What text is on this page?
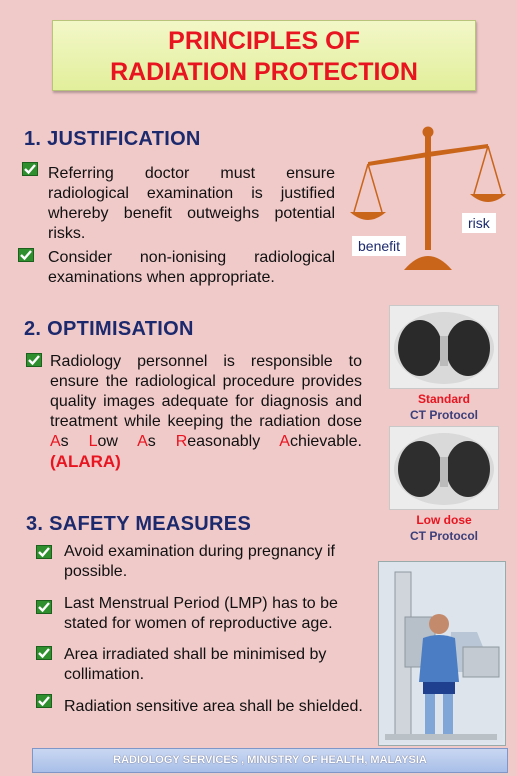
PRINCIPLES OF
RADIATION PROTECTION
1. JUSTIFICATION
Referring doctor must ensure radiological examination is justified whereby benefit outweighs potential risks.
Consider non-ionising radiological examinations when appropriate.
benefit
risk
2. OPTIMISATION
Radiology personnel is responsible to ensure the radiological procedure provides quality images adequate for diagnosis and treatment while keeping the radiation dose As Low As Reasonably Achievable. (ALARA)
Standard
CT Protocol
Low dose
CT Protocol
3. SAFETY MEASURES
Avoid examination during pregnancy if possible.
Last Menstrual Period (LMP) has to be stated for women of reproductive age.
Area irradiated shall be minimised by collimation.
Radiation sensitive area shall be shielded.
RADIOLOGY SERVICES , MINISTRY OF HEALTH, MALAYSIA
